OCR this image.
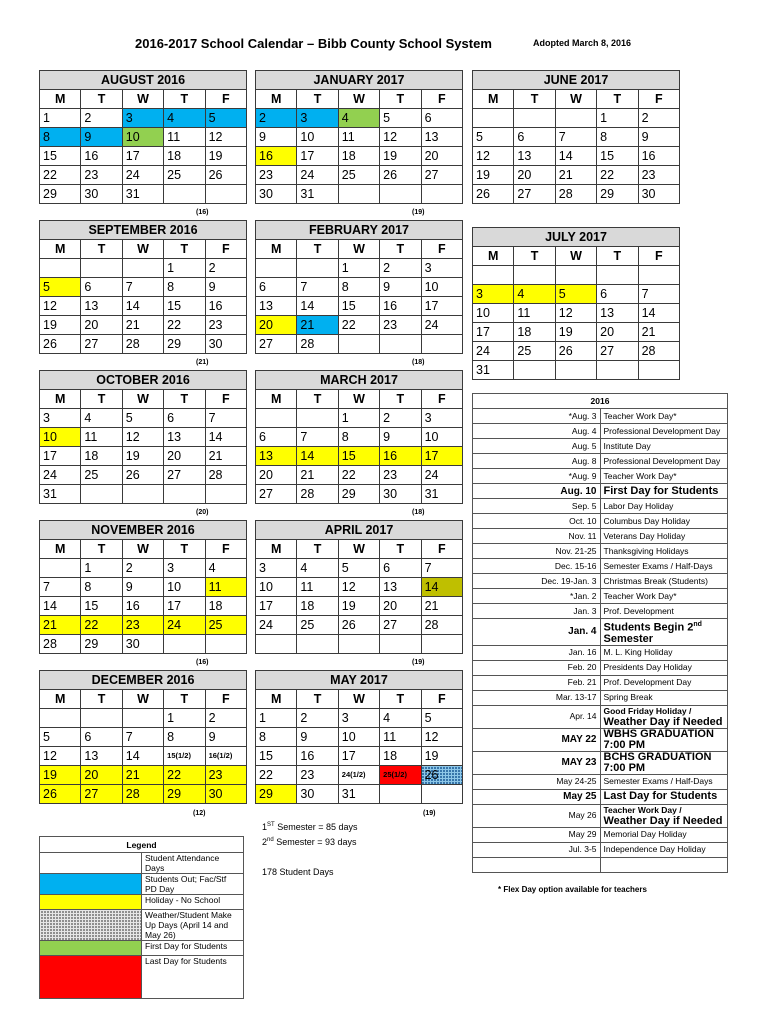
2016-2017 School Calendar – Bibb County School System	Adopted March 8, 2016
AUGUST 2016				
M	T	W	T	F
1	2	3	4	5
8	9	10	11	12
15	16	17	18	19
22	23	24	25	26
29	30	31		
(16)
SEPTEMBER 2016				
M	T	W	T	F
			1	2
5	6	7	8	9
12	13	14	15	16
19	20	21	22	23
26	27	28	29	30
(21)
OCTOBER 2016				
M	T	W	T	F
3	4	5	6	7
10	11	12	13	14
17	18	19	20	21
24	25	26	27	28
31				
(20)
NOVEMBER 2016				
M	T	W	T	F
	1	2	3	4
7	8	9	10	11
14	15	16	17	18
21	22	23	24	25
28	29	30		
(16)
DECEMBER 2016				
M	T	W	T	F
			1	2
5	6	7	8	9
12	13	14	15(1/2)	16(1/2)
19	20	21	22	23
26	27	28	29	30
(12)
JANUARY 2017				
M	T	W	T	F
2	3	4	5	6
9	10	11	12	13
16	17	18	19	20
23	24	25	26	27
30	31			
(19)
FEBRUARY 2017				
M	T	W	T	F
		1	2	3
6	7	8	9	10
13	14	15	16	17
20	21	22	23	24
27	28			
(18)
MARCH 2017				
M	T	W	T	F
		1	2	3
6	7	8	9	10
13	14	15	16	17
20	21	22	23	24
27	28	29	30	31
(18)
APRIL 2017				
M	T	W	T	F
3	4	5	6	7
10	11	12	13	14
17	18	19	20	21
24	25	26	27	28

(19)
MAY 2017				
M	T	W	T	F
1	2	3	4	5
8	9	10	11	12
15	16	17	18	19
22	23	24(1/2)	25(1/2)	26
29	30	31		
(19)
JUNE 2017				
M	T	W	T	F
			1	2
5	6	7	8	9
12	13	14	15	16
19	20	21	22	23
26	27	28	29	30
JULY 2017				
M	T	W	T	F

3	4	5	6	7
10	11	12	13	14
17	18	19	20	21
24	25	26	27	28
31				
2016	
*Aug. 3	Teacher Work Day*
Aug. 4	Professional Development Day
Aug. 5	Institute Day
Aug. 8	Professional Development Day
*Aug. 9	Teacher Work Day*
Aug. 10	First Day for Students
Sep. 5	Labor Day Holiday
Oct. 10	Columbus Day Holiday
Nov. 11	Veterans Day Holiday
Nov. 21-25	Thanksgiving Holidays
Dec. 15-16	Semester Exams / Half-Days
Dec. 19-Jan. 3	Christmas Break (Students)
*Jan. 2	Teacher Work Day*
Jan. 3	Prof. Development
Jan. 4	Students Begin 2nd Semester
Jan. 16	M. L. King Holiday
Feb. 20	Presidents Day Holiday
Feb. 21	Prof. Development Day
Mar. 13-17	Spring Break
Apr. 14	Good Friday Holiday / Weather Day if Needed
MAY 22	WBHS GRADUATION 7:00 PM
MAY 23	BCHS GRADUATION 7:00 PM
May 24-25	Semester Exams / Half-Days
May 25	Last Day for Students
May 26	Teacher Work Day / Weather Day if Needed
May 29	Memorial Day Holiday
Jul. 3-5	Independence Day Holiday

Legend	
	Student Attendance Days
	Students Out; Fac/Stf PD Day
	Holiday - No School
	Weather/Student Make Up Days (April 14 and May 26)
	First Day for Students
	Last Day for Students
1ST Semester = 85 days
2nd Semester = 93 days
178 Student Days
* Flex Day option available for teachers
